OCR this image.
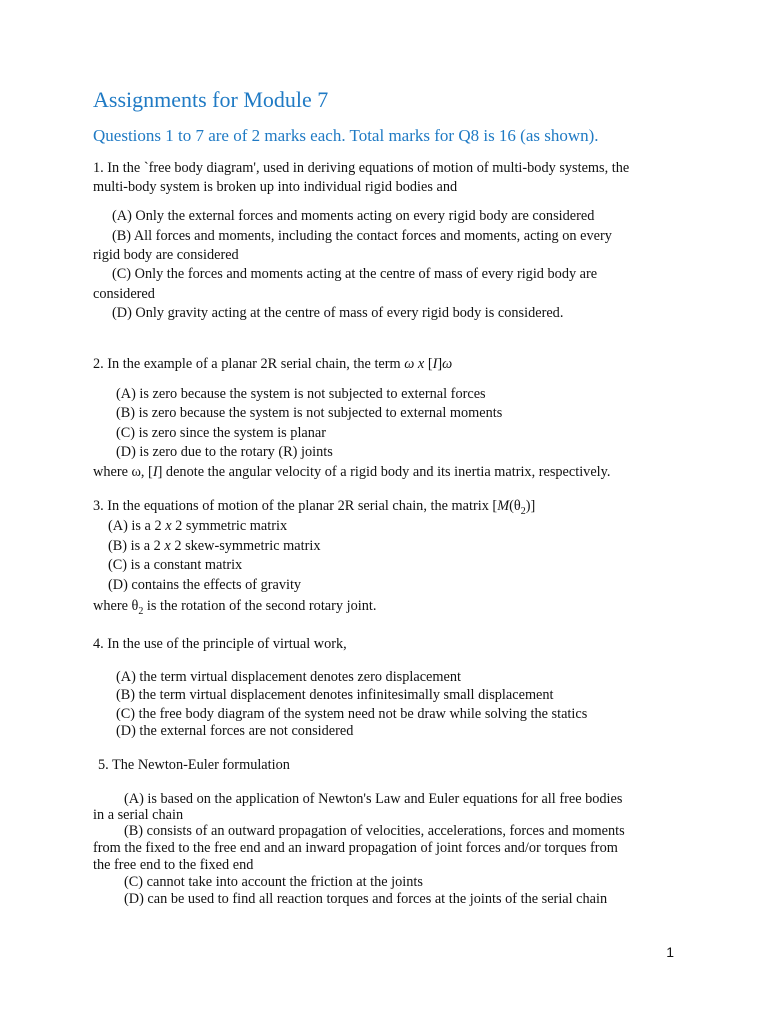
Assignments for Module 7
Questions 1 to 7 are of 2 marks each. Total marks for Q8 is 16 (as shown).
1. In the `free body diagram', used in deriving equations of motion of multi-body systems, the
multi-body system is broken up into individual rigid bodies and
(A) Only the external forces and moments acting on every rigid body are considered
(B) All forces and moments, including the contact forces and moments, acting on every
rigid body are considered
(C) Only the forces and moments acting at the centre of mass of every rigid body are
considered
(D) Only gravity acting at the centre of mass of every rigid body is considered.
2. In the example of a planar 2R serial chain, the term ω x [I]ω
(A) is zero because the system is not subjected to external forces
(B) is zero because the system is not subjected to external moments
(C) is zero since the system is planar
(D) is zero due to the rotary (R) joints
where ω, [I] denote the angular velocity of a rigid body and its inertia matrix, respectively.
3. In the equations of motion of the planar 2R serial chain, the matrix $[M(\theta_2)]$
(A) is a 2 x 2 symmetric matrix
(B) is a 2 x 2 skew-symmetric matrix
(C) is a constant matrix
(D) contains the effects of gravity
where $\theta_2$ is the rotation of the second rotary joint.
4. In the use of the principle of virtual work,
(A) the term virtual displacement denotes zero displacement
(B) the term virtual displacement denotes infinitesimally small displacement
(C) the free body diagram of the system need not be draw while solving the statics
(D) the external forces are not considered
5. The Newton-Euler formulation
(A) is based on the application of Newton's Law and Euler equations for all free bodies
in a serial chain
(B) consists of an outward propagation of velocities, accelerations, forces and moments
from the fixed to the free end and an inward propagation of joint forces and/or torques from
the free end to the fixed end
(C) cannot take into account the friction at the joints
(D) can be used to find all reaction torques and forces at the joints of the serial chain
1
